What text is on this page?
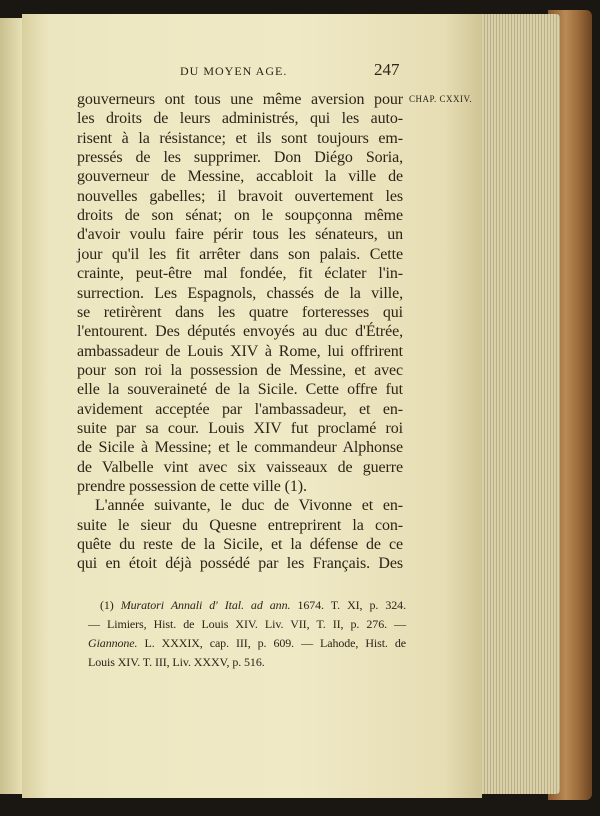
DU MOYEN AGE.	247
CHAP. CXXIV.
gouverneurs ont tous une même aversion pour
les droits de leurs administrés, qui les auto-
risent à la résistance; et ils sont toujours em-
pressés de les supprimer. Don Diégo Soria,
gouverneur de Messine, accabloit la ville de
nouvelles gabelles; il bravoit ouvertement les
droits de son sénat; on le soupçonna même
d'avoir voulu faire périr tous les sénateurs, un
jour qu'il les fit arrêter dans son palais. Cette
crainte, peut-être mal fondée, fit éclater l'in-
surrection. Les Espagnols, chassés de la ville,
se retirèrent dans les quatre forteresses qui
l'entourent. Des députés envoyés au duc d'Étrée,
ambassadeur de Louis XIV à Rome, lui offrirent
pour son roi la possession de Messine, et avec
elle la souveraineté de la Sicile. Cette offre fut
avidement acceptée par l'ambassadeur, et en-
suite par sa cour. Louis XIV fut proclamé roi
de Sicile à Messine; et le commandeur Alphonse
de Valbelle vint avec six vaisseaux de guerre
prendre possession de cette ville (1).
L'année suivante, le duc de Vivonne et en-
suite le sieur du Quesne entreprirent la con-
quête du reste de la Sicile, et la défense de ce
qui en étoit déjà possédé par les Français. Des
(1) Muratori Annali d' Ital. ad ann. 1674. T. XI, p. 324.
— Limiers, Hist. de Louis XIV. Liv. VII, T. II, p. 276. —
Giannone. L. XXXIX, cap. III, p. 609. — Lahode, Hist. de
Louis XIV. T. III, Liv. XXXV, p. 516.
